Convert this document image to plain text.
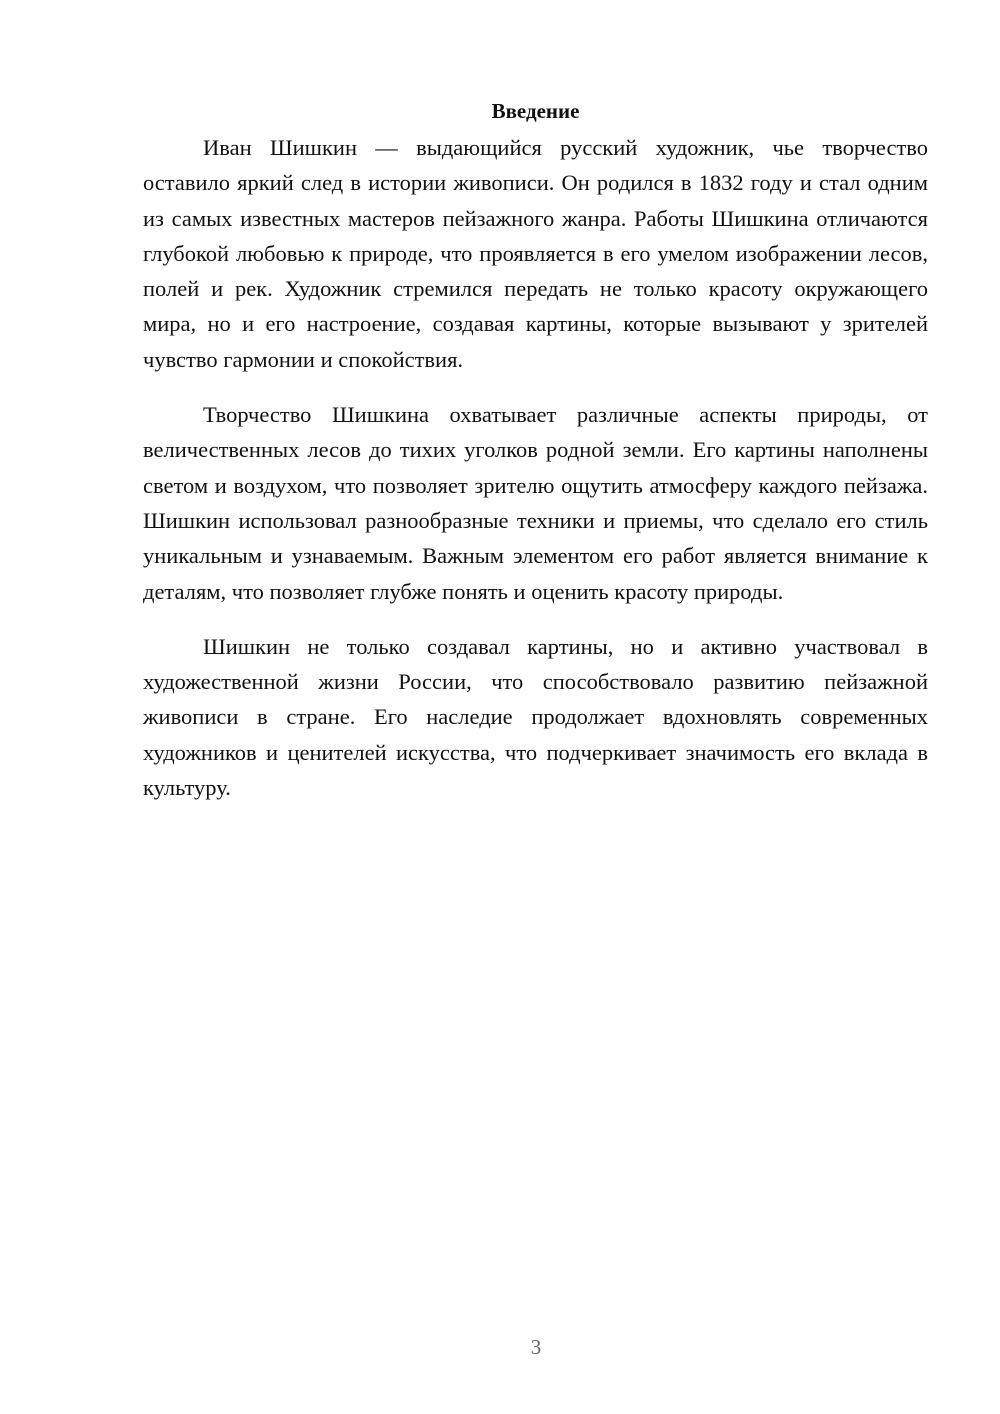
Введение

Иван Шишкин — выдающийся русский художник, чье творчество оставило яркий след в истории живописи. Он родился в 1832 году и стал одним из самых известных мастеров пейзажного жанра. Работы Шишкина отличаются глубокой любовью к природе, что проявляется в его умелом изображении лесов, полей и рек. Художник стремился передать не только красоту окружающего мира, но и его настроение, создавая картины, которые вызывают у зрителей чувство гармонии и спокойствия.

Творчество Шишкина охватывает различные аспекты природы, от величественных лесов до тихих уголков родной земли. Его картины наполнены светом и воздухом, что позволяет зрителю ощутить атмосферу каждого пейзажа. Шишкин использовал разнообразные техники и приемы, что сделало его стиль уникальным и узнаваемым. Важным элементом его работ является внимание к деталям, что позволяет глубже понять и оценить красоту природы.

Шишкин не только создавал картины, но и активно участвовал в художественной жизни России, что способствовало развитию пейзажной живописи в стране. Его наследие продолжает вдохновлять современных художников и ценителей искусства, что подчеркивает значимость его вклада в культуру.

3
